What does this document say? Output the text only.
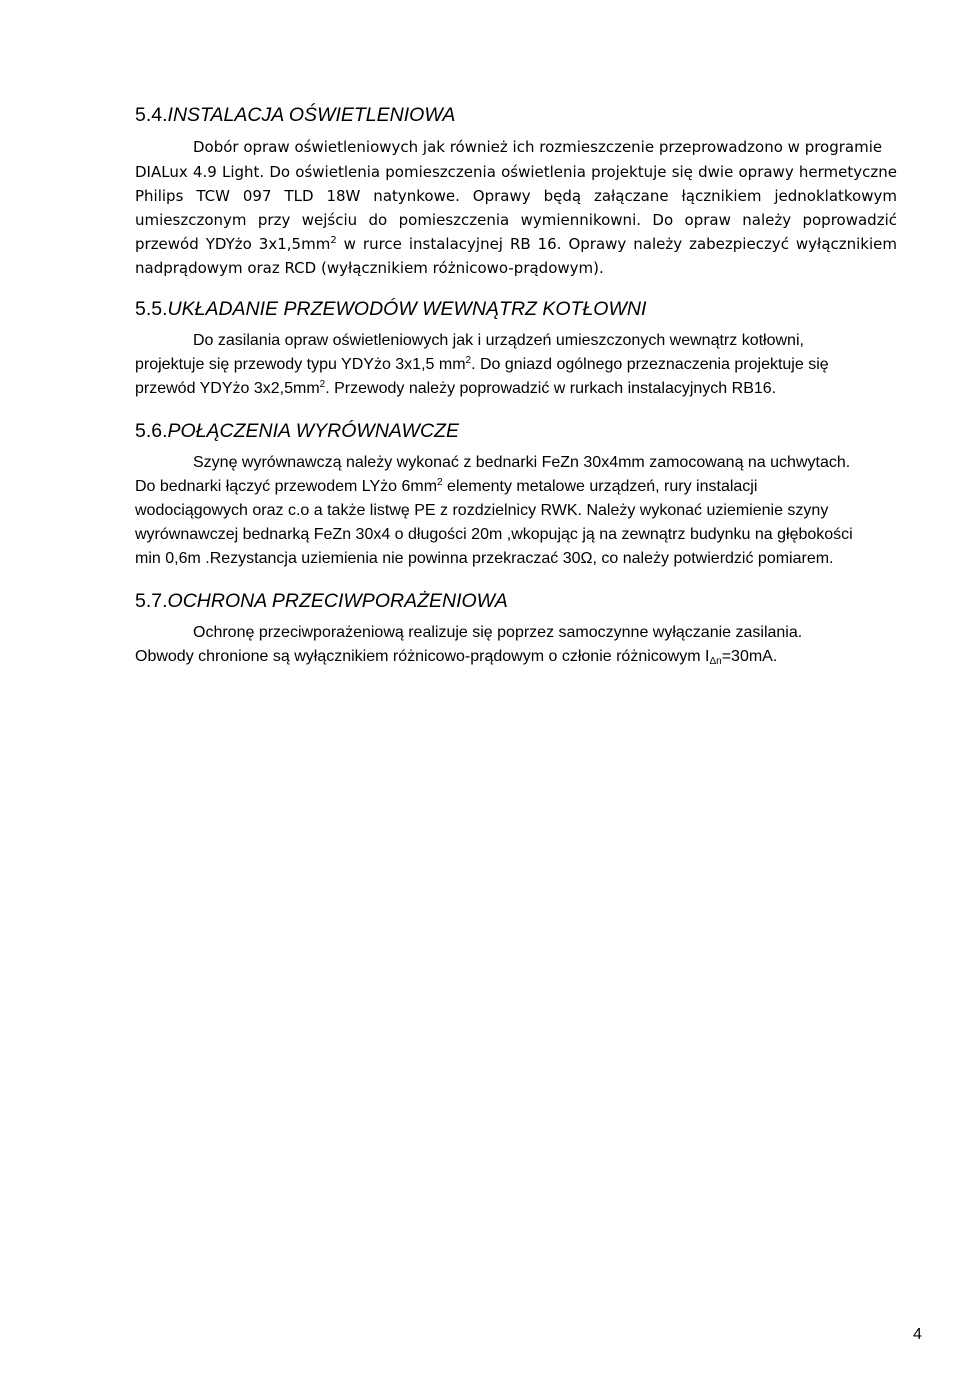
5.4.INSTALACJA OŚWIETLENIOWA
Dobór opraw oświetleniowych jak również ich rozmieszczenie przeprowadzono w programie
DIALux 4.9 Light. Do oświetlenia pomieszczenia oświetlenia projektuje się dwie oprawy hermetyczne
Philips TCW 097 TLD 18W natynkowe. Oprawy będą załączane łącznikiem jednoklatkowym
umieszczonym przy wejściu do pomieszczenia wymiennikowni. Do opraw należy poprowadzić
przewód YDYżo $3x1,5mm^2$ w rurce instalacyjnej RB 16. Oprawy należy zabezpieczyć wyłącznikiem
nadprądowym oraz RCD (wyłącznikiem różnicowo-prądowym).
5.5.UKŁADANIE PRZEWODÓW WEWNĄTRZ KOTŁOWNI
Do zasilania opraw oświetleniowych jak i urządzeń umieszczonych wewnątrz kotłowni,
projektuje się przewody typu YDYżo 3x1,5 $mm^2$. Do gniazd ogólnego przeznaczenia projektuje się
przewód YDYżo $3x2,5mm^2$. Przewody należy poprowadzić w rurkach instalacyjnych RB16.
5.6.POŁĄCZENIA WYRÓWNAWCZE
Szynę wyrównawczą należy wykonać z bednarki FeZn 30x4mm zamocowaną na uchwytach.
Do bednarki łączyć przewodem LYżo $6mm^2$ elementy metalowe urządzeń, rury instalacji
wodociągowych oraz c.o a także listwę PE z rozdzielnicy RWK. Należy wykonać uziemienie szyny
wyrównawczej bednarką FeZn 30x4 o długości 20m ,wkopując ją na zewnątrz budynku na głębokości
min 0,6m .Rezystancja uziemienia nie powinna przekraczać 30Ω, co należy potwierdzić pomiarem.
5.7.OCHRONA PRZECIWPORAŻENIOWA
Ochronę przeciwporażeniową realizuje się poprzez samoczynne wyłączanie zasilania.
Obwody chronione są wyłącznikiem różnicowo-prądowym o członie różnicowym $I_{\Delta n}=30mA$.
4
